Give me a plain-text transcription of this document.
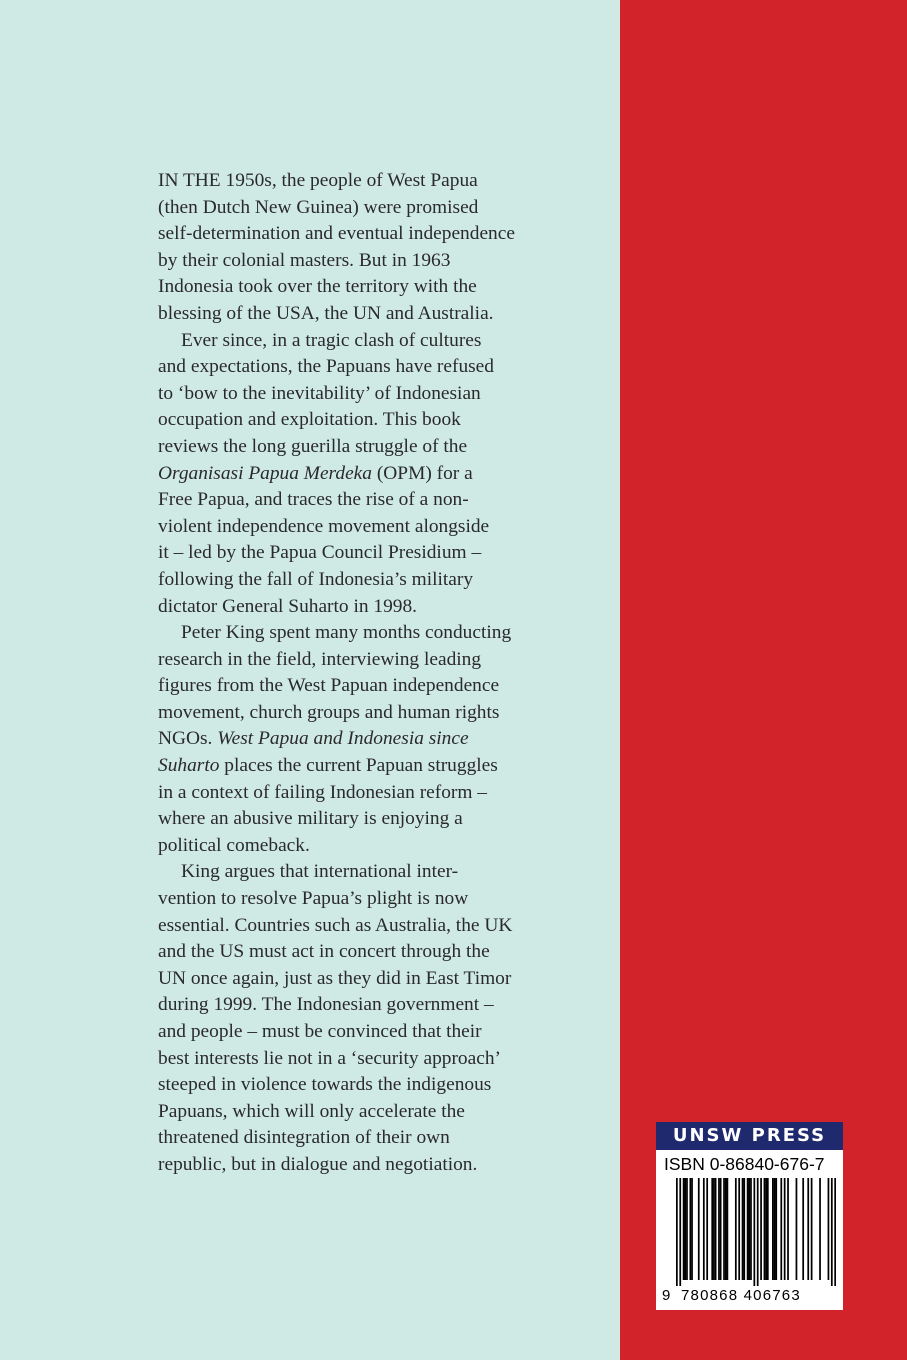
IN THE 1950s, the people of West Papua
(then Dutch New Guinea) were promised
self-determination and eventual independence
by their colonial masters. But in 1963
Indonesia took over the territory with the
blessing of the USA, the UN and Australia.
Ever since, in a tragic clash of cultures
and expectations, the Papuans have refused
to ‘bow to the inevitability’ of Indonesian
occupation and exploitation. This book
reviews the long guerilla struggle of the
Organisasi Papua Merdeka (OPM) for a
Free Papua, and traces the rise of a non-
violent independence movement alongside
it – led by the Papua Council Presidium –
following the fall of Indonesia’s military
dictator General Suharto in 1998.
Peter King spent many months conducting
research in the field, interviewing leading
figures from the West Papuan independence
movement, church groups and human rights
NGOs. West Papua and Indonesia since
Suharto places the current Papuan struggles
in a context of failing Indonesian reform –
where an abusive military is enjoying a
political comeback.
King argues that international inter-
vention to resolve Papua’s plight is now
essential. Countries such as Australia, the UK
and the US must act in concert through the
UN once again, just as they did in East Timor
during 1999. The Indonesian government –
and people – must be convinced that their
best interests lie not in a ‘security approach’
steeped in violence towards the indigenous
Papuans, which will only accelerate the
threatened disintegration of their own
republic, but in dialogue and negotiation.
UNSW PRESS
ISBN 0-86840-676-7
9 780868 406763
